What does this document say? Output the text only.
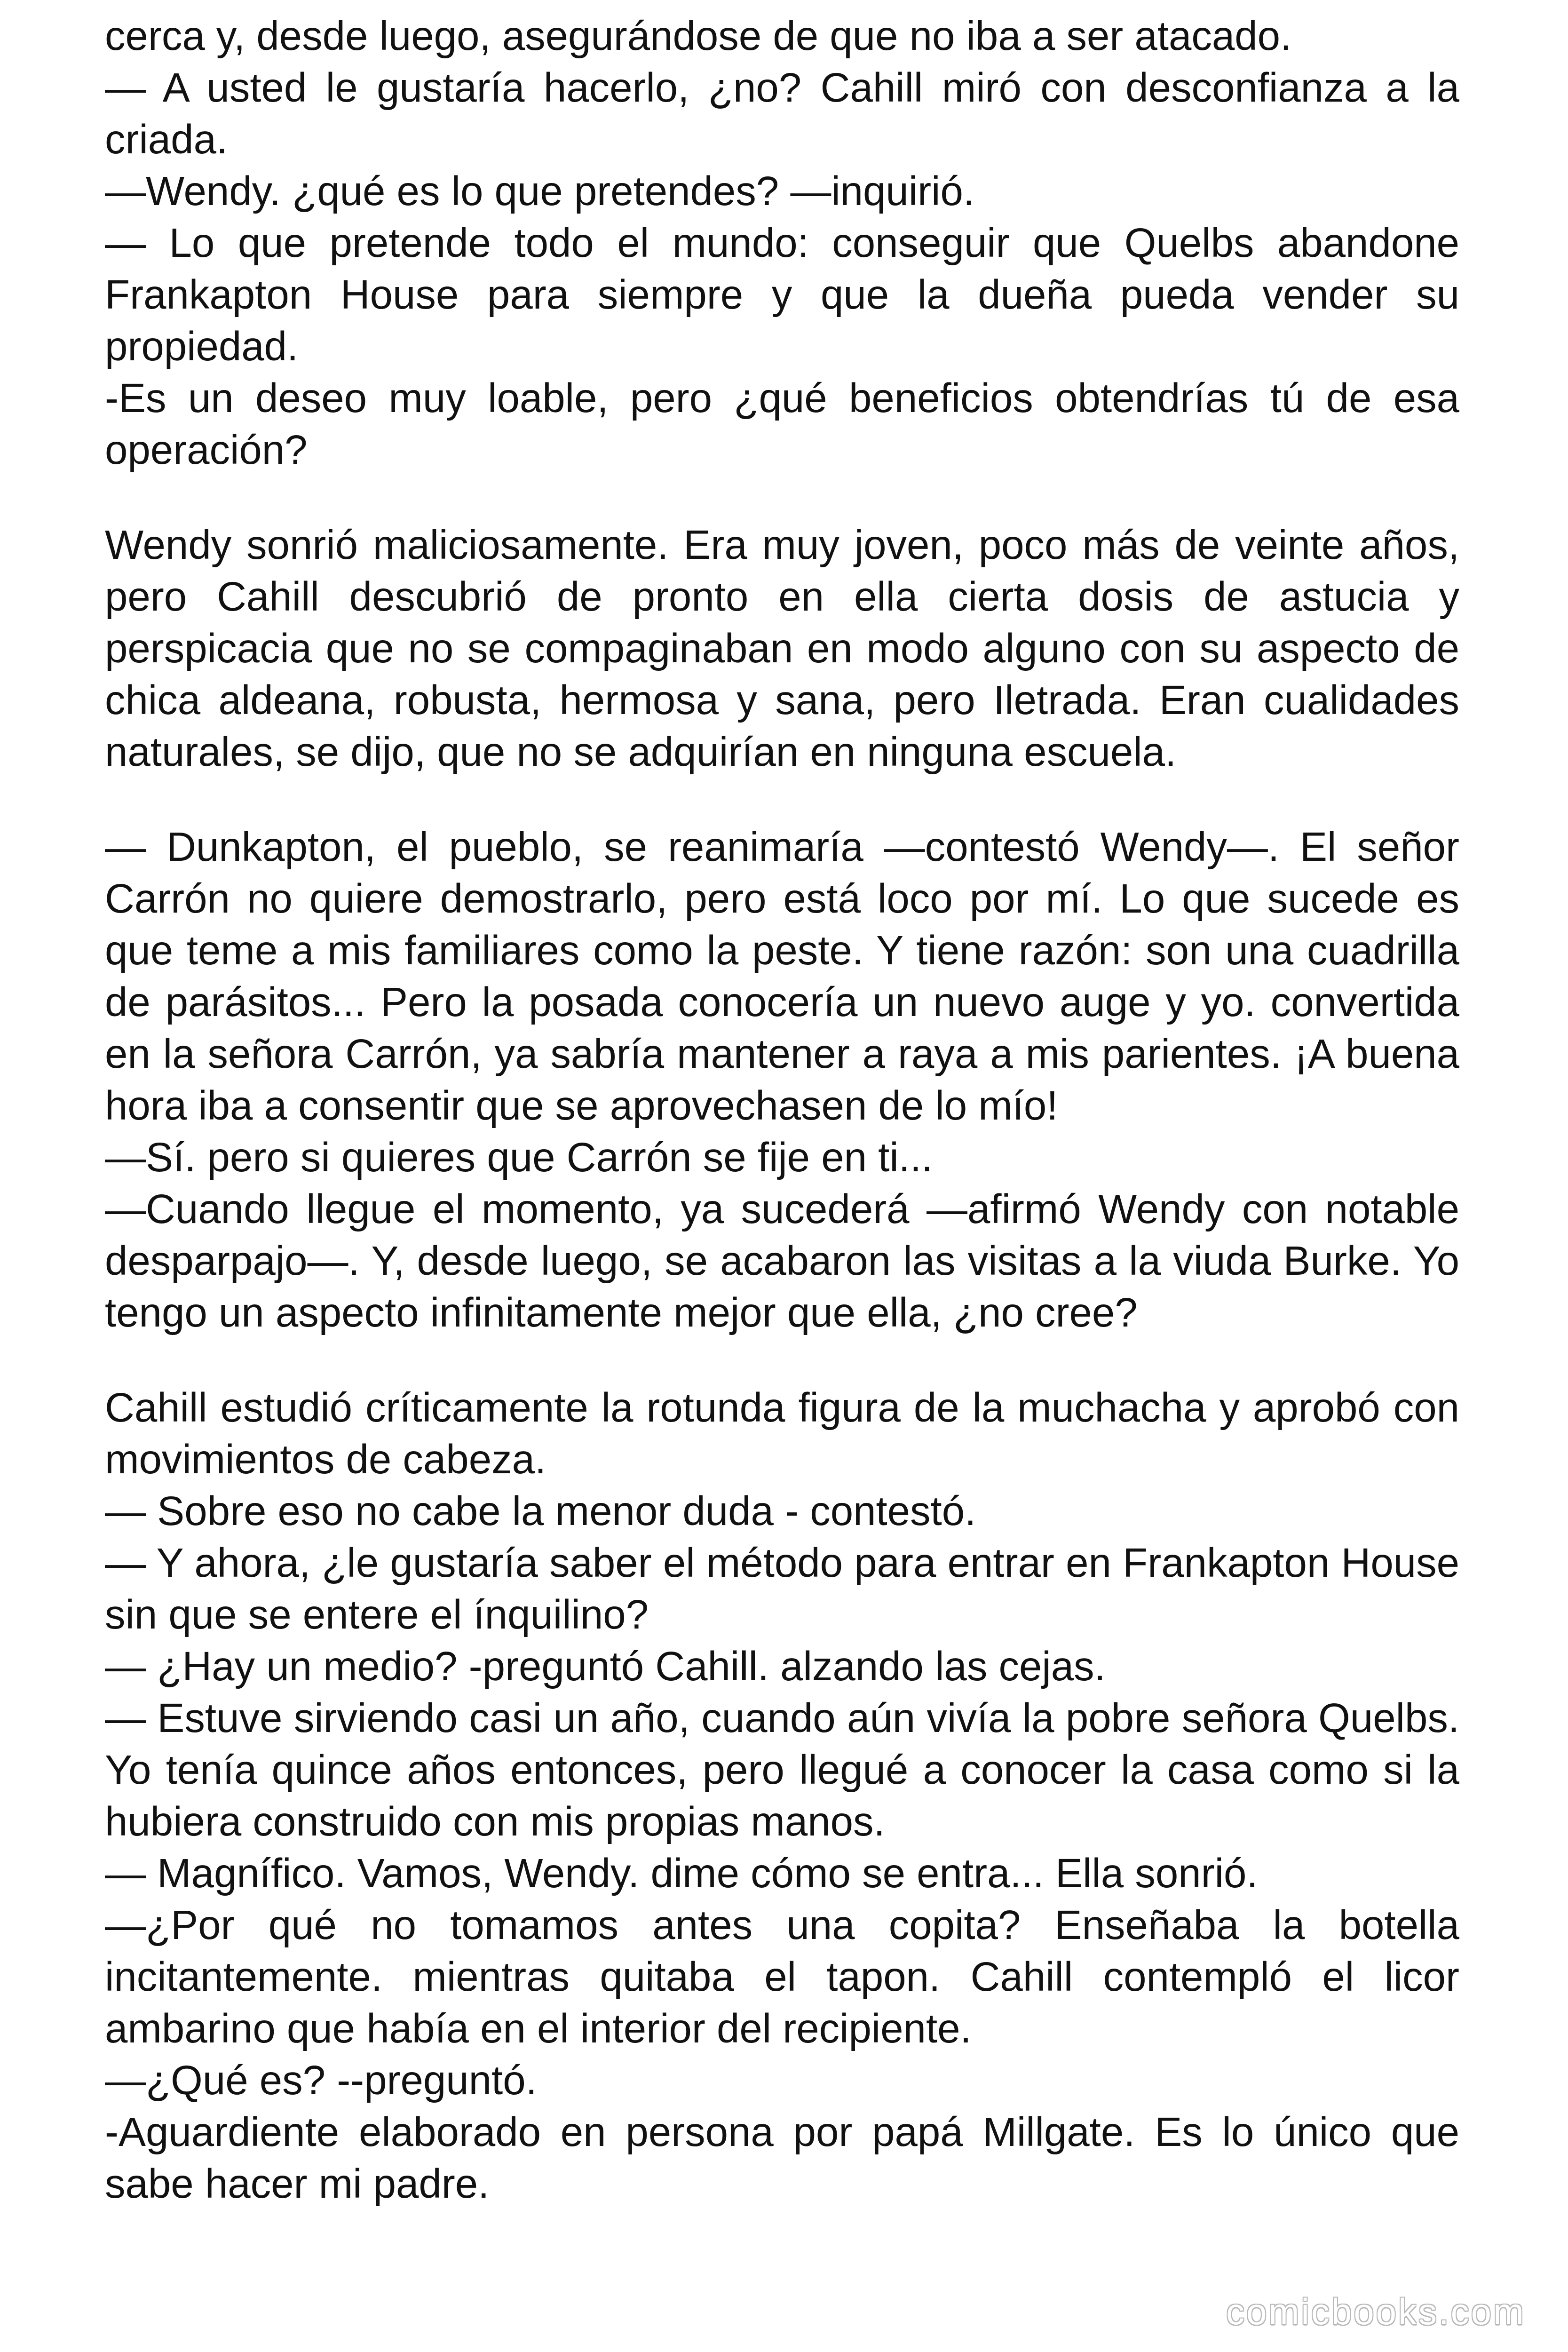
cerca y, desde luego, asegurándose de que no iba a ser atacado.

— A usted le gustaría hacerlo, ¿no? Cahill miró con desconfianza a la criada.

—Wendy. ¿qué es lo que pretendes? —inquirió.

— Lo que pretende todo el mundo: conseguir que Quelbs abandone Frankapton House para siempre y que la dueña pueda vender su propiedad.

-Es un deseo muy loable, pero ¿qué beneficios obtendrías tú de esa operación?

Wendy sonrió maliciosamente. Era muy joven, poco más de veinte años, pero Cahill descubrió de pronto en ella cierta dosis de astucia y perspicacia que no se compaginaban en modo alguno con su aspecto de chica aldeana, robusta, hermosa y sana, pero Iletrada. Eran cualidades naturales, se dijo, que no se adquirían en ninguna escuela.

— Dunkapton, el pueblo, se reanimaría —contestó Wendy—. El señor Carrón no quiere demostrarlo, pero está loco por mí. Lo que sucede es que teme a mis familiares como la peste. Y tiene razón: son una cuadrilla de parásitos... Pero la posada conocería un nuevo auge y yo. convertida en la señora Carrón, ya sabría mantener a raya a mis parientes. ¡A buena hora iba a consentir que se aprovechasen de lo mío!

—Sí. pero si quieres que Carrón se fije en ti...

—Cuando llegue el momento, ya sucederá —afirmó Wendy con notable desparpajo—. Y, desde luego, se acabaron las visitas a la viuda Burke. Yo tengo un aspecto infinitamente mejor que ella, ¿no cree?

Cahill estudió críticamente la rotunda figura de la muchacha y aprobó con movimientos de cabeza.

— Sobre eso no cabe la menor duda - contestó.

— Y ahora, ¿le gustaría saber el método para entrar en Frankapton House sin que se entere el ínquilino?

— ¿Hay un medio? -preguntó Cahill. alzando las cejas.

— Estuve sirviendo casi un año, cuando aún vivía la pobre señora Quelbs. Yo tenía quince años entonces, pero llegué a conocer la casa como si la hubiera construido con mis propias manos.

— Magnífico. Vamos, Wendy. dime cómo se entra... Ella sonrió.

—¿Por qué no tomamos antes una copita? Enseñaba la botella incitantemente. mientras quitaba el tapon. Cahill contempló el licor ambarino que había en el interior del recipiente.

—¿Qué es? --preguntó.

-Aguardiente elaborado en persona por papá Millgate. Es lo único que sabe hacer mi padre.

comicbooks.com
